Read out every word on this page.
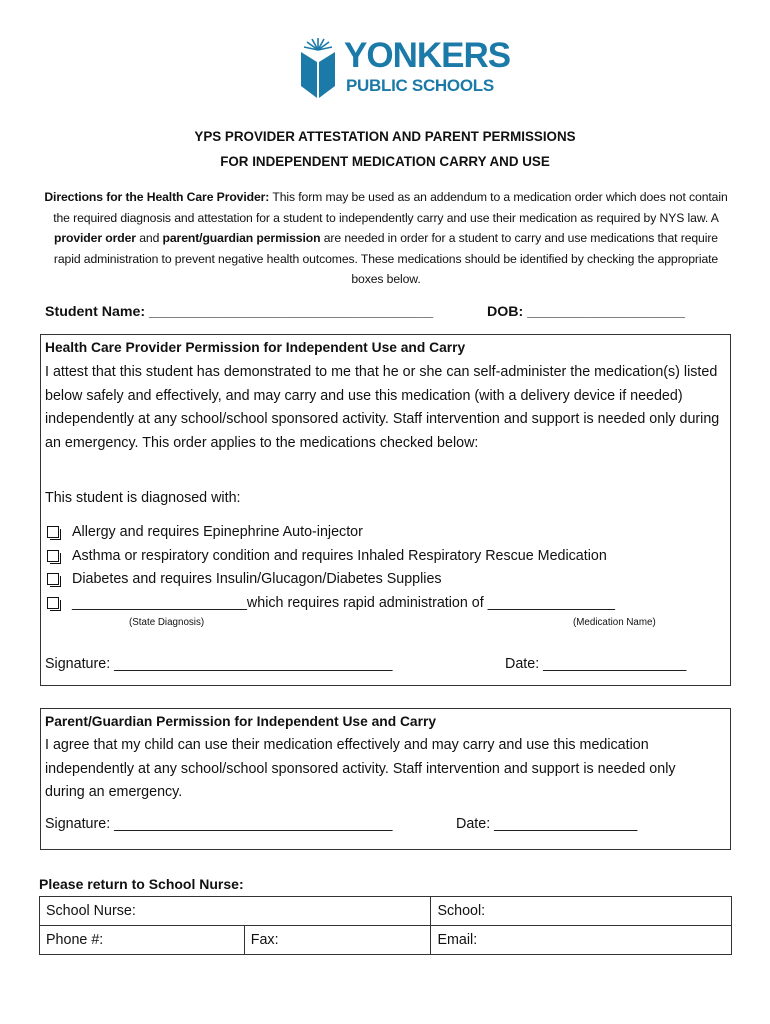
YONKERS
PUBLIC SCHOOLS
YPS PROVIDER ATTESTATION AND PARENT PERMISSIONS
FOR INDEPENDENT MEDICATION CARRY AND USE
Directions for the Health Care Provider: This form may be used as an addendum to a medication order which does not contain the required diagnosis and attestation for a student to independently carry and use their medication as required by NYS law. A provider order and parent/guardian permission are needed in order for a student to carry and use medications that require rapid administration to prevent negative health outcomes. These medications should be identified by checking the appropriate boxes below.
Student Name: ____________________________________	DOB: ____________________
Health Care Provider Permission for Independent Use and Carry
I attest that this student has demonstrated to me that he or she can self-administer the medication(s) listed below safely and effectively, and may carry and use this medication (with a delivery device if needed) independently at any school/school sponsored activity. Staff intervention and support is needed only during an emergency. This order applies to the medications checked below:
This student is diagnosed with:
Allergy and requires Epinephrine Auto-injector
Asthma or respiratory condition and requires Inhaled Respiratory Rescue Medication
Diabetes and requires Insulin/Glucagon/Diabetes Supplies
______________________which requires rapid administration of ________________
(State Diagnosis)	(Medication Name)
Signature: ___________________________________	Date: __________________
Parent/Guardian Permission for Independent Use and Carry
I agree that my child can use their medication effectively and may carry and use this medication independently at any school/school sponsored activity. Staff intervention and support is needed only during an emergency.
Signature: ___________________________________	Date: __________________
Please return to School Nurse:
School Nurse:		School:
Phone #:	Fax:	Email:
